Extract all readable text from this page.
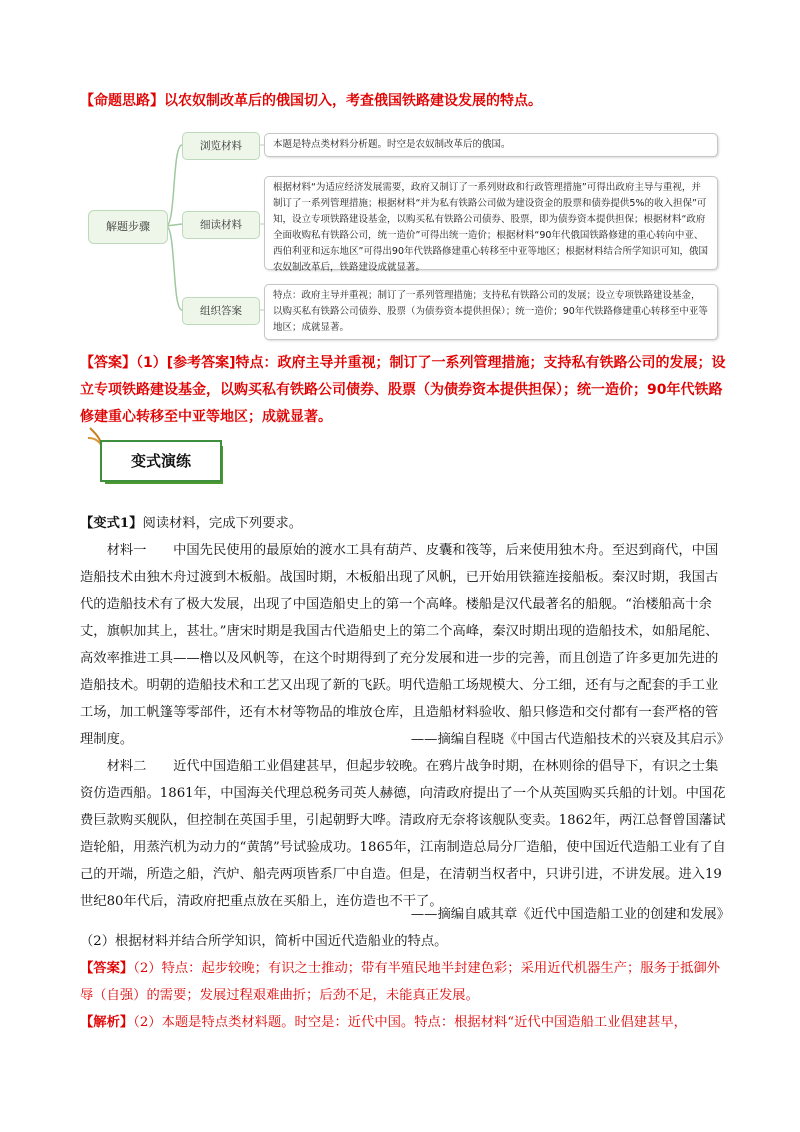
【命题思路】以农奴制改革后的俄国切入，考查俄国铁路建设发展的特点。
解题步骤
浏览材料	本题是特点类材料分析题。时空是农奴制改革后的俄国。
细读材料
根据材料“为适应经济发展需要，政府又制订了一系列财政和行政管理措施”可得出政府主导与重视，并制订了一系列管理措施；根据材料“并为私有铁路公司做为建设资金的股票和债券提供5%的收入担保”可知，设立专项铁路建设基金，以购买私有铁路公司债券、股票，即为债券资本提供担保；根据材料“政府全面收购私有铁路公司，统一造价”可得出统一造价；根据材料“90年代俄国铁路修建的重心转向中亚、西伯利亚和远东地区”可得出90年代铁路修建重心转移至中亚等地区；根据材料结合所学知识可知，俄国农奴制改革后，铁路建设成就显著。
组织答案
特点：政府主导并重视；制订了一系列管理措施；支持私有铁路公司的发展；设立专项铁路建设基金，以购买私有铁路公司债券、股票（为债券资本提供担保）；统一造价；90年代铁路修建重心转移至中亚等地区；成就显著。
【答案】（1）[参考答案]特点：政府主导并重视；制订了一系列管理措施；支持私有铁路公司的发展；设立专项铁路建设基金，以购买私有铁路公司债券、股票（为债券资本提供担保）；统一造价；90年代铁路修建重心转移至中亚等地区；成就显著。
变式演练
【变式1】阅读材料，完成下列要求。
材料一　　中国先民使用的最原始的渡水工具有葫芦、皮囊和筏等，后来使用独木舟。至迟到商代，中国造船技术由独木舟过渡到木板船。战国时期，木板船出现了风帆，已开始用铁箍连接船板。秦汉时期，我国古代的造船技术有了极大发展，出现了中国造船史上的第一个高峰。楼船是汉代最著名的船舰。“治楼船高十余丈，旗帜加其上，甚壮。”唐宋时期是我国古代造船史上的第二个高峰，秦汉时期出现的造船技术，如船尾舵、高效率推进工具——橹以及风帆等，在这个时期得到了充分发展和进一步的完善，而且创造了许多更加先进的造船技术。明朝的造船技术和工艺又出现了新的飞跃。明代造船工场规模大、分工细，还有与之配套的手工业工场，加工帆篷等零部件，还有木材等物品的堆放仓库，且造船材料验收、船只修造和交付都有一套严格的管理制度。	——摘编自程晓《中国古代造船技术的兴衰及其启示》
材料二　　近代中国造船工业倡建甚早，但起步较晚。在鸦片战争时期，在林则徐的倡导下，有识之士集资仿造西船。1861年，中国海关代理总税务司英人赫德，向清政府提出了一个从英国购买兵船的计划。中国花费巨款购买舰队，但控制在英国手里，引起朝野大哗。清政府无奈将该舰队变卖。1862年，两江总督曾国藩试造轮船，用蒸汽机为动力的“黄鹄”号试验成功。1865年，江南制造总局分厂造船，使中国近代造船工业有了自己的开端，所造之船，汽炉、船壳两项皆系厂中自造。但是，在清朝当权者中，只讲引进，不讲发展。进入19世纪80年代后，清政府把重点放在买船上，连仿造也不干了。
——摘编自戚其章《近代中国造船工业的创建和发展》
（2）根据材料并结合所学知识，简析中国近代造船业的特点。
【答案】（2）特点：起步较晚；有识之士推动；带有半殖民地半封建色彩；采用近代机器生产；服务于抵御外辱（自强）的需要；发展过程艰难曲折；后劲不足，未能真正发展。
【解析】（2）本题是特点类材料题。时空是：近代中国。特点：根据材料“近代中国造船工业倡建甚早，
